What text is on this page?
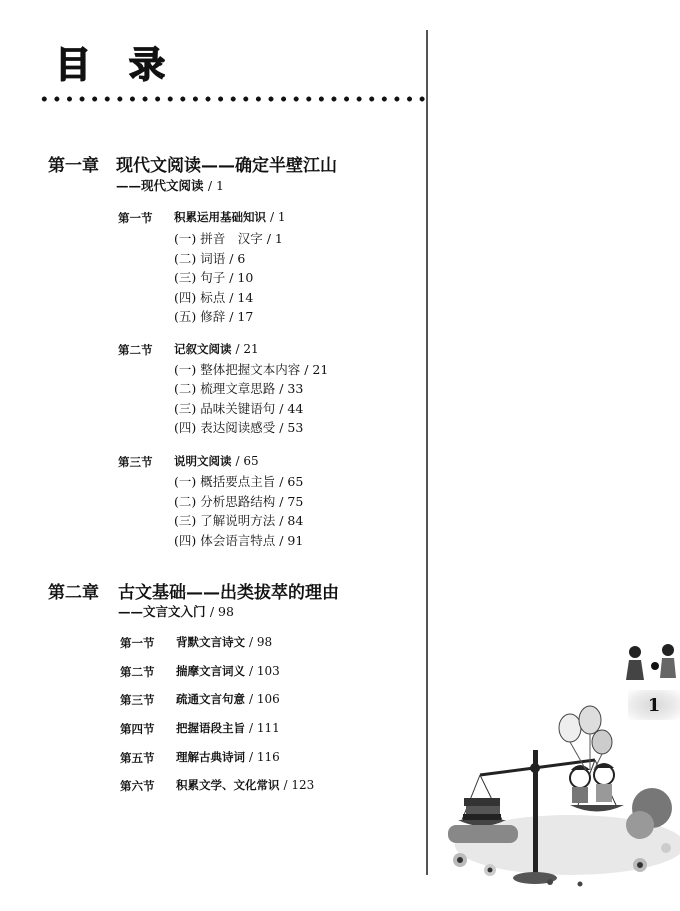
目 录
第一章 现代文阅读——确定半壁江山
——现代文阅读 / 1
第一节 积累运用基础知识 / 1
(一) 拼音　汉字 / 1
(二) 词语 / 6
(三) 句子 / 10
(四) 标点 / 14
(五) 修辞 / 17
第二节 记叙文阅读 / 21
(一) 整体把握文本内容 / 21
(二) 梳理文章思路 / 33
(三) 品味关键语句 / 44
(四) 表达阅读感受 / 53
第三节 说明文阅读 / 65
(一) 概括要点主旨 / 65
(二) 分析思路结构 / 75
(三) 了解说明方法 / 84
(四) 体会语言特点 / 91
第二章 古文基础——出类拔萃的理由
——文言文入门 / 98
第一节 背默文言诗文 / 98
第二节 揣摩文言词义 / 103
第三节 疏通文言句意 / 106
第四节 把握语段主旨 / 111
第五节 理解古典诗词 / 116
第六节 积累文学、文化常识 / 123
1
